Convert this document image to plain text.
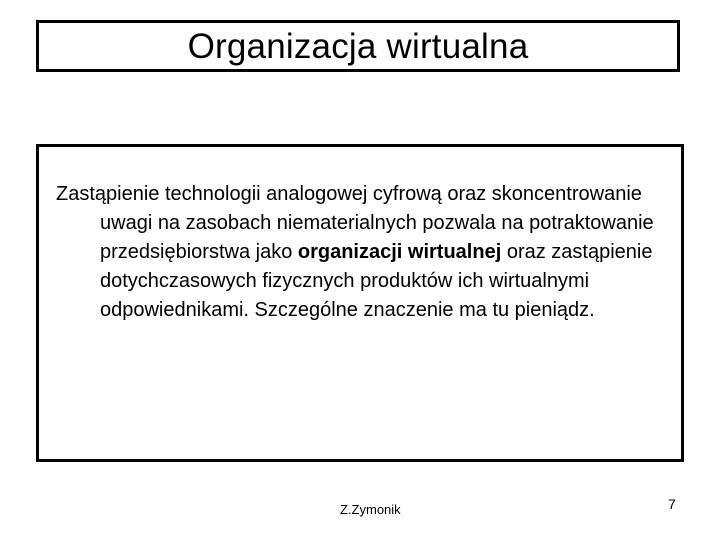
Organizacja wirtualna

Zastąpienie technologii analogowej cyfrową oraz skoncentrowanie uwagi na zasobach niematerialnych pozwala na potraktowanie przedsiębiorstwa jako organizacji wirtualnej oraz zastąpienie dotychczasowych fizycznych produktów ich wirtualnymi odpowiednikami. Szczególne znaczenie ma tu pieniądz.

Z.Zymonik	7
